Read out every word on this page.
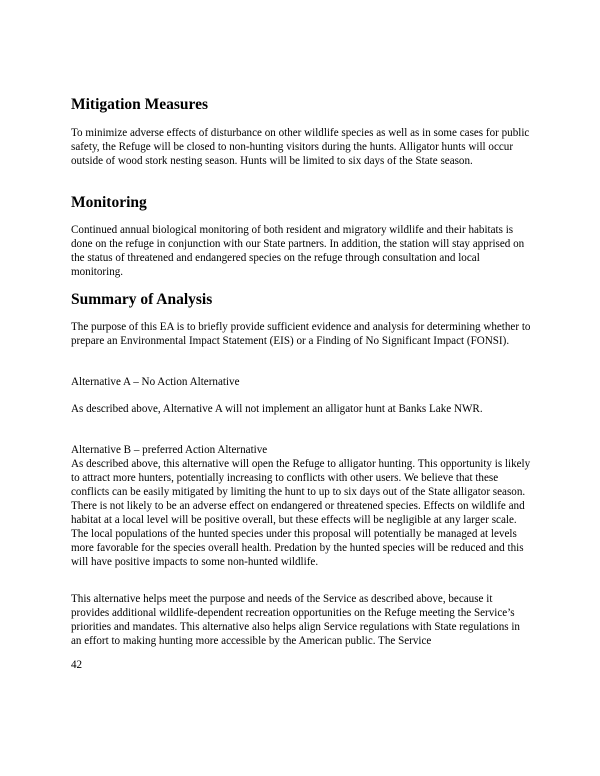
Mitigation Measures

To minimize adverse effects of disturbance on other wildlife species as well as in some cases for public safety, the Refuge will be closed to non-hunting visitors during the hunts. Alligator hunts will occur outside of wood stork nesting season. Hunts will be limited to six days of the State season.

Monitoring

Continued annual biological monitoring of both resident and migratory wildlife and their habitats is done on the refuge in conjunction with our State partners. In addition, the station will stay apprised on the status of threatened and endangered species on the refuge through consultation and local monitoring.

Summary of Analysis

The purpose of this EA is to briefly provide sufficient evidence and analysis for determining whether to prepare an Environmental Impact Statement (EIS) or a Finding of No Significant Impact (FONSI).

Alternative A – No Action Alternative

As described above, Alternative A will not implement an alligator hunt at Banks Lake NWR.

Alternative B – preferred Action Alternative

As described above, this alternative will open the Refuge to alligator hunting. This opportunity is likely to attract more hunters, potentially increasing to conflicts with other users. We believe that these conflicts can be easily mitigated by limiting the hunt to up to six days out of the State alligator season. There is not likely to be an adverse effect on endangered or threatened species. Effects on wildlife and habitat at a local level will be positive overall, but these effects will be negligible at any larger scale. The local populations of the hunted species under this proposal will potentially be managed at levels more favorable for the species overall health. Predation by the hunted species will be reduced and this will have positive impacts to some non-hunted wildlife.

This alternative helps meet the purpose and needs of the Service as described above, because it provides additional wildlife-dependent recreation opportunities on the Refuge meeting the Service’s priorities and mandates. This alternative also helps align Service regulations with State regulations in an effort to making hunting more accessible by the American public. The Service

42
